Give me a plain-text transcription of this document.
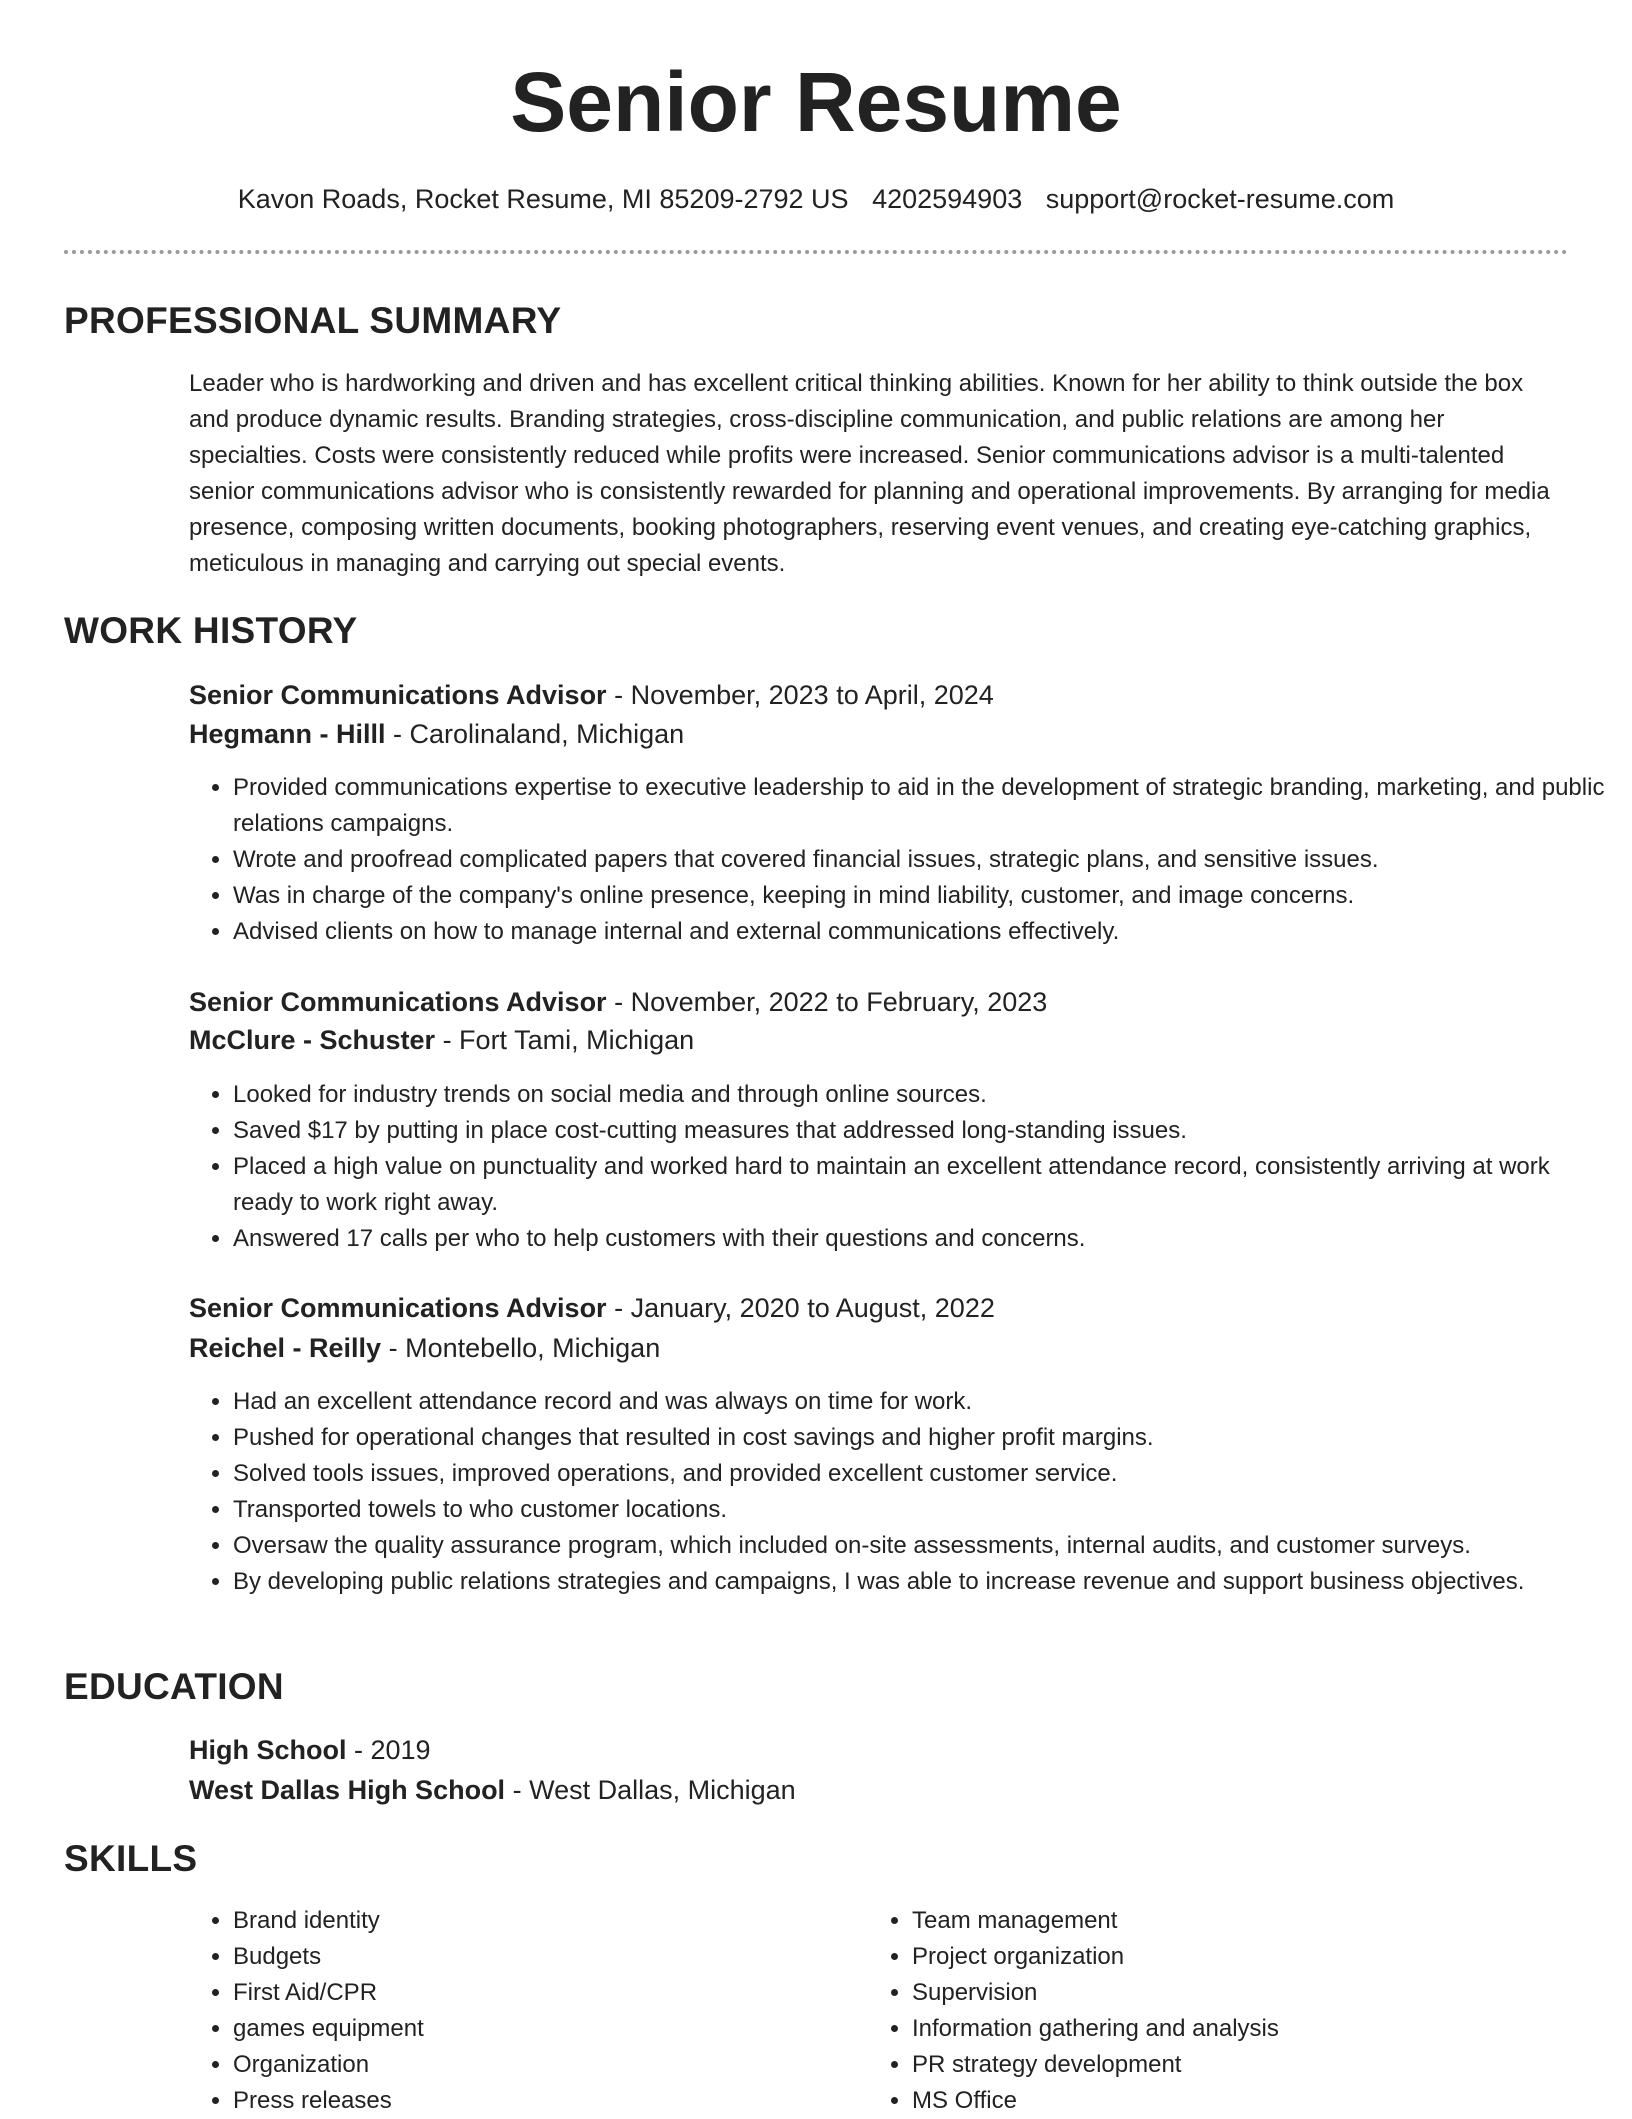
Senior Resume
Kavon Roads, Rocket Resume, MI 85209-2792 US 4202594903 support@rocket-resume.com
PROFESSIONAL SUMMARY

Leader who is hardworking and driven and has excellent critical thinking abilities. Known for her ability to think outside the box and produce dynamic results. Branding strategies, cross-discipline communication, and public relations are among her specialties. Costs were consistently reduced while profits were increased. Senior communications advisor is a multi-talented senior communications advisor who is consistently rewarded for planning and operational improvements. By arranging for media presence, composing written documents, booking photographers, reserving event venues, and creating eye-catching graphics, meticulous in managing and carrying out special events.

WORK HISTORY
Senior Communications Advisor - November, 2023 to April, 2024
Hegmann - Hilll - Carolinaland, Michigan
• Provided communications expertise to executive leadership to aid in the development of strategic branding, marketing, and public relations campaigns.
• Wrote and proofread complicated papers that covered financial issues, strategic plans, and sensitive issues.
• Was in charge of the company's online presence, keeping in mind liability, customer, and image concerns.
• Advised clients on how to manage internal and external communications effectively.
Senior Communications Advisor - November, 2022 to February, 2023
McClure - Schuster - Fort Tami, Michigan
• Looked for industry trends on social media and through online sources.
• Saved $17 by putting in place cost-cutting measures that addressed long-standing issues.
• Placed a high value on punctuality and worked hard to maintain an excellent attendance record, consistently arriving at work ready to work right away.
• Answered 17 calls per who to help customers with their questions and concerns.
Senior Communications Advisor - January, 2020 to August, 2022
Reichel - Reilly - Montebello, Michigan
• Had an excellent attendance record and was always on time for work.
• Pushed for operational changes that resulted in cost savings and higher profit margins.
• Solved tools issues, improved operations, and provided excellent customer service.
• Transported towels to who customer locations.
• Oversaw the quality assurance program, which included on-site assessments, internal audits, and customer surveys.
• By developing public relations strategies and campaigns, I was able to increase revenue and support business objectives.
EDUCATION
High School - 2019
West Dallas High School - West Dallas, Michigan
SKILLS
• Brand identity
• Budgets
• First Aid/CPR
• games equipment
• Organization
• Press releases
• Team management
• Project organization
• Supervision
• Information gathering and analysis
• PR strategy development
• MS Office
